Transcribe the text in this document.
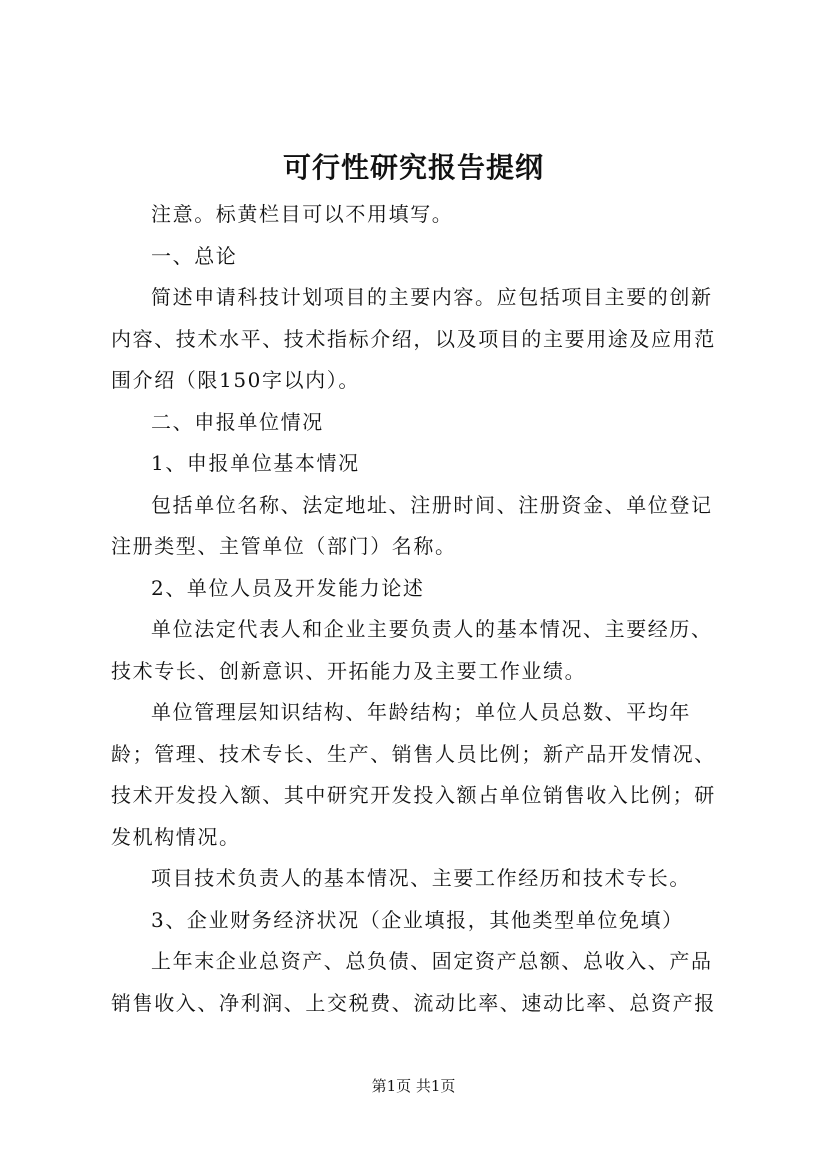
可行性研究报告提纲

注意。标黄栏目可以不用填写。

一、总论

简述申请科技计划项目的主要内容。应包括项目主要的创新内容、技术水平、技术指标介绍，以及项目的主要用途及应用范围介绍（限150字以内）。

二、申报单位情况

1、申报单位基本情况

包括单位名称、法定地址、注册时间、注册资金、单位登记注册类型、主管单位（部门）名称。

2、单位人员及开发能力论述

单位法定代表人和企业主要负责人的基本情况、主要经历、技术专长、创新意识、开拓能力及主要工作业绩。

单位管理层知识结构、年龄结构；单位人员总数、平均年龄；管理、技术专长、生产、销售人员比例；新产品开发情况、技术开发投入额、其中研究开发投入额占单位销售收入比例；研发机构情况。

项目技术负责人的基本情况、主要工作经历和技术专长。

3、企业财务经济状况（企业填报，其他类型单位免填）

上年末企业总资产、总负债、固定资产总额、总收入、产品销售收入、净利润、上交税费、流动比率、速动比率、总资产报

第1页 共1页
